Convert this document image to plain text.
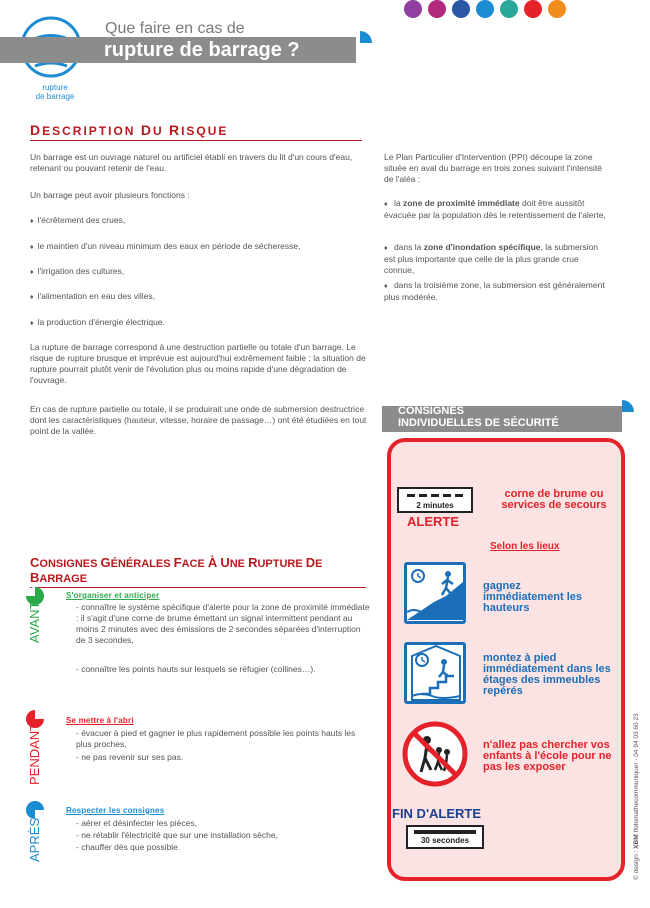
rupture
de barrage
Que faire en cas de
rupture de barrage ?
DESCRIPTION DU RISQUE
Un barrage est un ouvrage naturel ou artificiel établi en travers du lit d'un cours d'eau, retenant ou pouvant retenir de l'eau.
Un barrage peut avoir plusieurs fonctions :
♦ l'écrêtement des crues,
♦ le maintien d'un niveau minimum des eaux en période de sécheresse,
♦ l'irrigation des cultures,
♦ l'alimentation en eau des villes,
♦ la production d'énergie électrique.
La rupture de barrage correspond à une destruction partielle ou totale d'un barrage. Le risque de rupture brusque et imprévue est aujourd'hui extrêmement faible ; la situation de rupture pourrait plutôt venir de l'évolution plus ou moins rapide d'une dégradation de l'ouvrage.
En cas de rupture partielle ou totale, il se produirait une onde de submersion destructrice dont les caractéristiques (hauteur, vitesse, horaire de passage…) ont été étudiées en tout point de la vallée.
Le Plan Particulier d'Intervention (PPI) découpe la zone située en aval du barrage en trois zones suivant l'intensité de l'aléa :
♦ la zone de proximité immédiate doit être aussitôt évacuée par la population dès le retentissement de l'alerte,
♦ dans la zone d'inondation spécifique, la submersion est plus importante que celle de la plus grande crue connue,
♦ dans la troisième zone, la submersion est généralement plus modérée.
CONSIGNES
INDIVIDUELLES DE SÉCURITÉ
2 minutes
ALERTE
corne de brume ou services de secours
Selon les lieux
gagnez immédiatement les hauteurs
montez à pied immédiatement dans les étages des immeubles repérés
n'allez pas chercher vos enfants à l'école pour ne pas les exposer
FIN D'ALERTE
30 secondes
CONSIGNES GÉNÉRALES FACE À UNE RUPTURE DE BARRAGE
AVANT
S'organiser et anticiper
- connaître le système spécifique d'alerte pour la zone de proximité immédiate : il s'agit d'une corne de brume émettant un signal intermittent pendant au moins 2 minutes avec des émissions de 2 secondes séparées d'interruption de 3 secondes,
- connaître les points hauts sur lesquels se réfugier (collines…).
PENDANT
Se mettre à l'abri
- évacuer à pied et gagner le plus rapidement possible les points hauts les plus proches,
- ne pas revenir sur ses pas.
APRÈS
Respecter les consignes
- aérer et désinfecter les pièces,
- ne rétablir l'électricité que sur une installation sèche,
- chauffer dès que possible.
© design : XBM Ifotomathecommuniquer · 04 94 03 60 23
